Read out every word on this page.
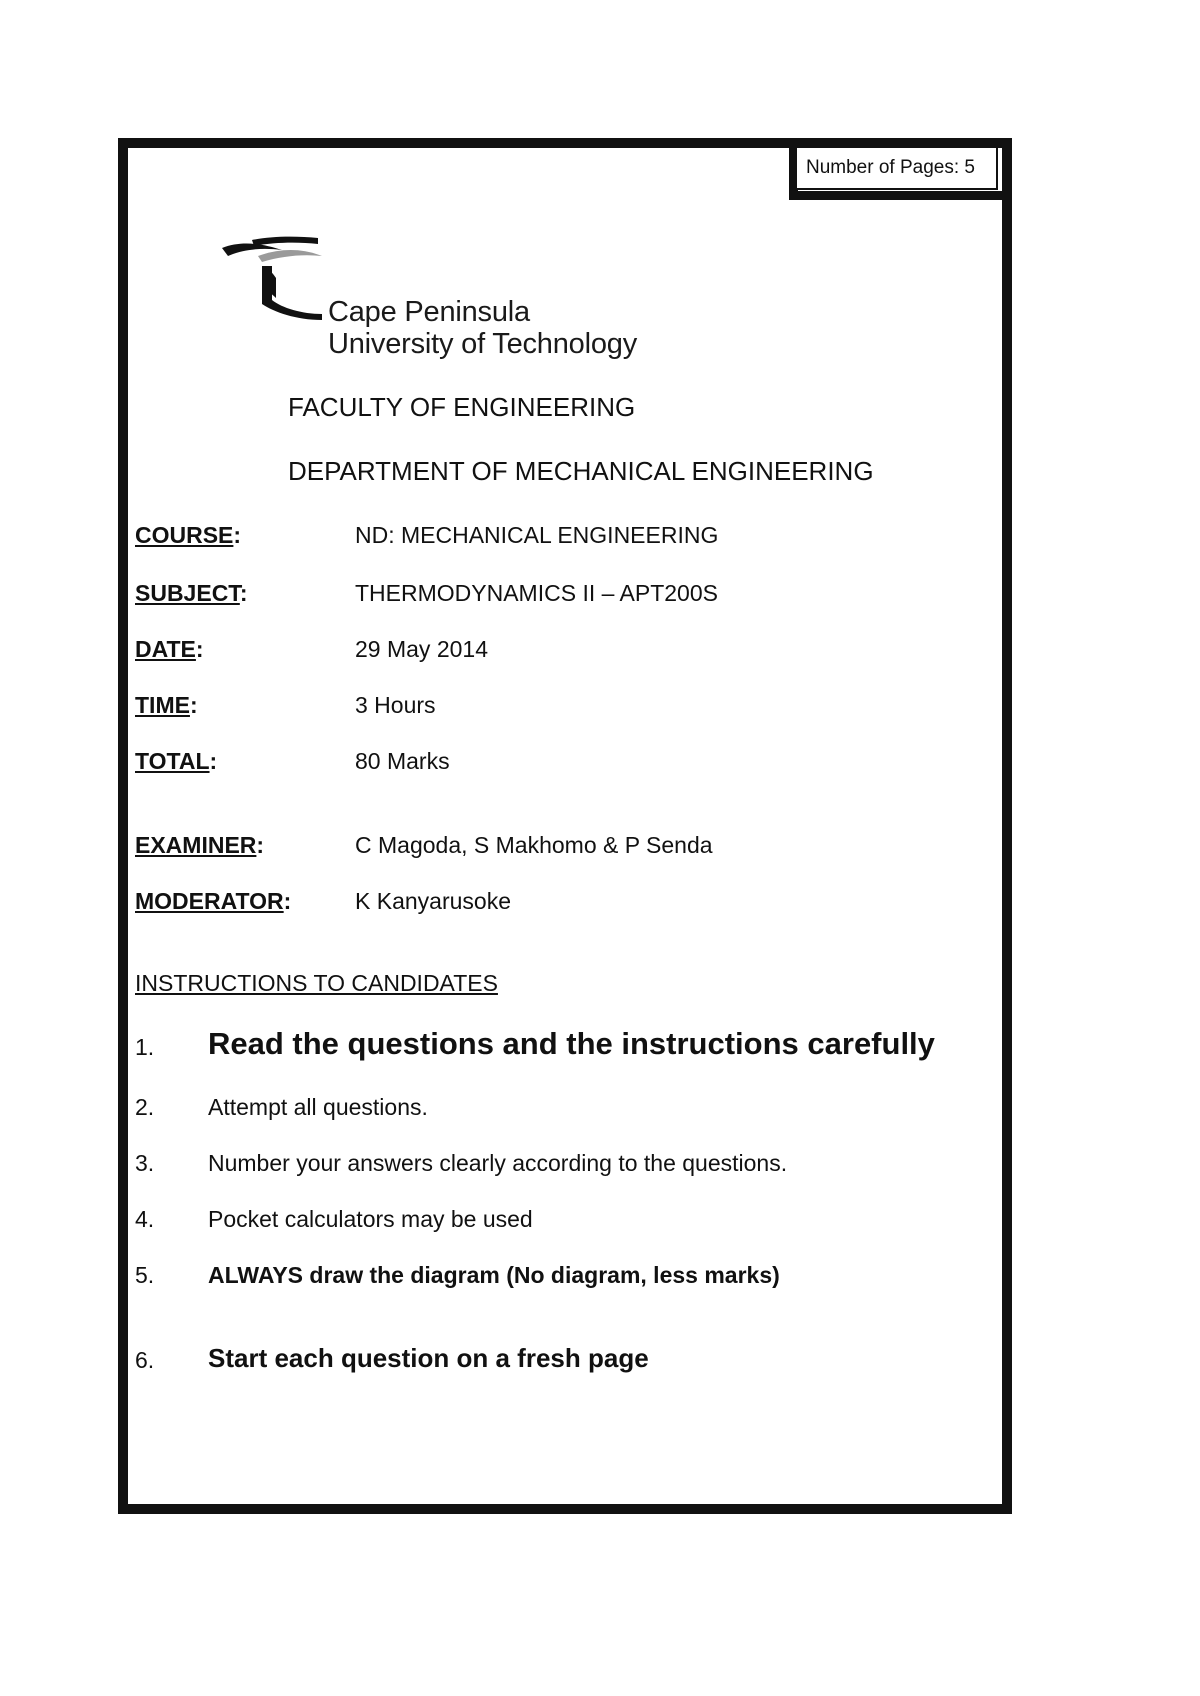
Number of Pages: 5
Cape Peninsula
University of Technology
FACULTY OF ENGINEERING
DEPARTMENT OF MECHANICAL ENGINEERING
COURSE:	ND: MECHANICAL ENGINEERING
SUBJECT:	THERMODYNAMICS II – APT200S
DATE:	29 May 2014
TIME:	3 Hours
TOTAL:	80 Marks
EXAMINER:	C Magoda, S Makhomo & P Senda
MODERATOR:	K Kanyarusoke
INSTRUCTIONS TO CANDIDATES
1. Read the questions and the instructions carefully
2. Attempt all questions.
3. Number your answers clearly according to the questions.
4. Pocket calculators may be used
5. ALWAYS draw the diagram (No diagram, less marks)
6. Start each question on a fresh page
